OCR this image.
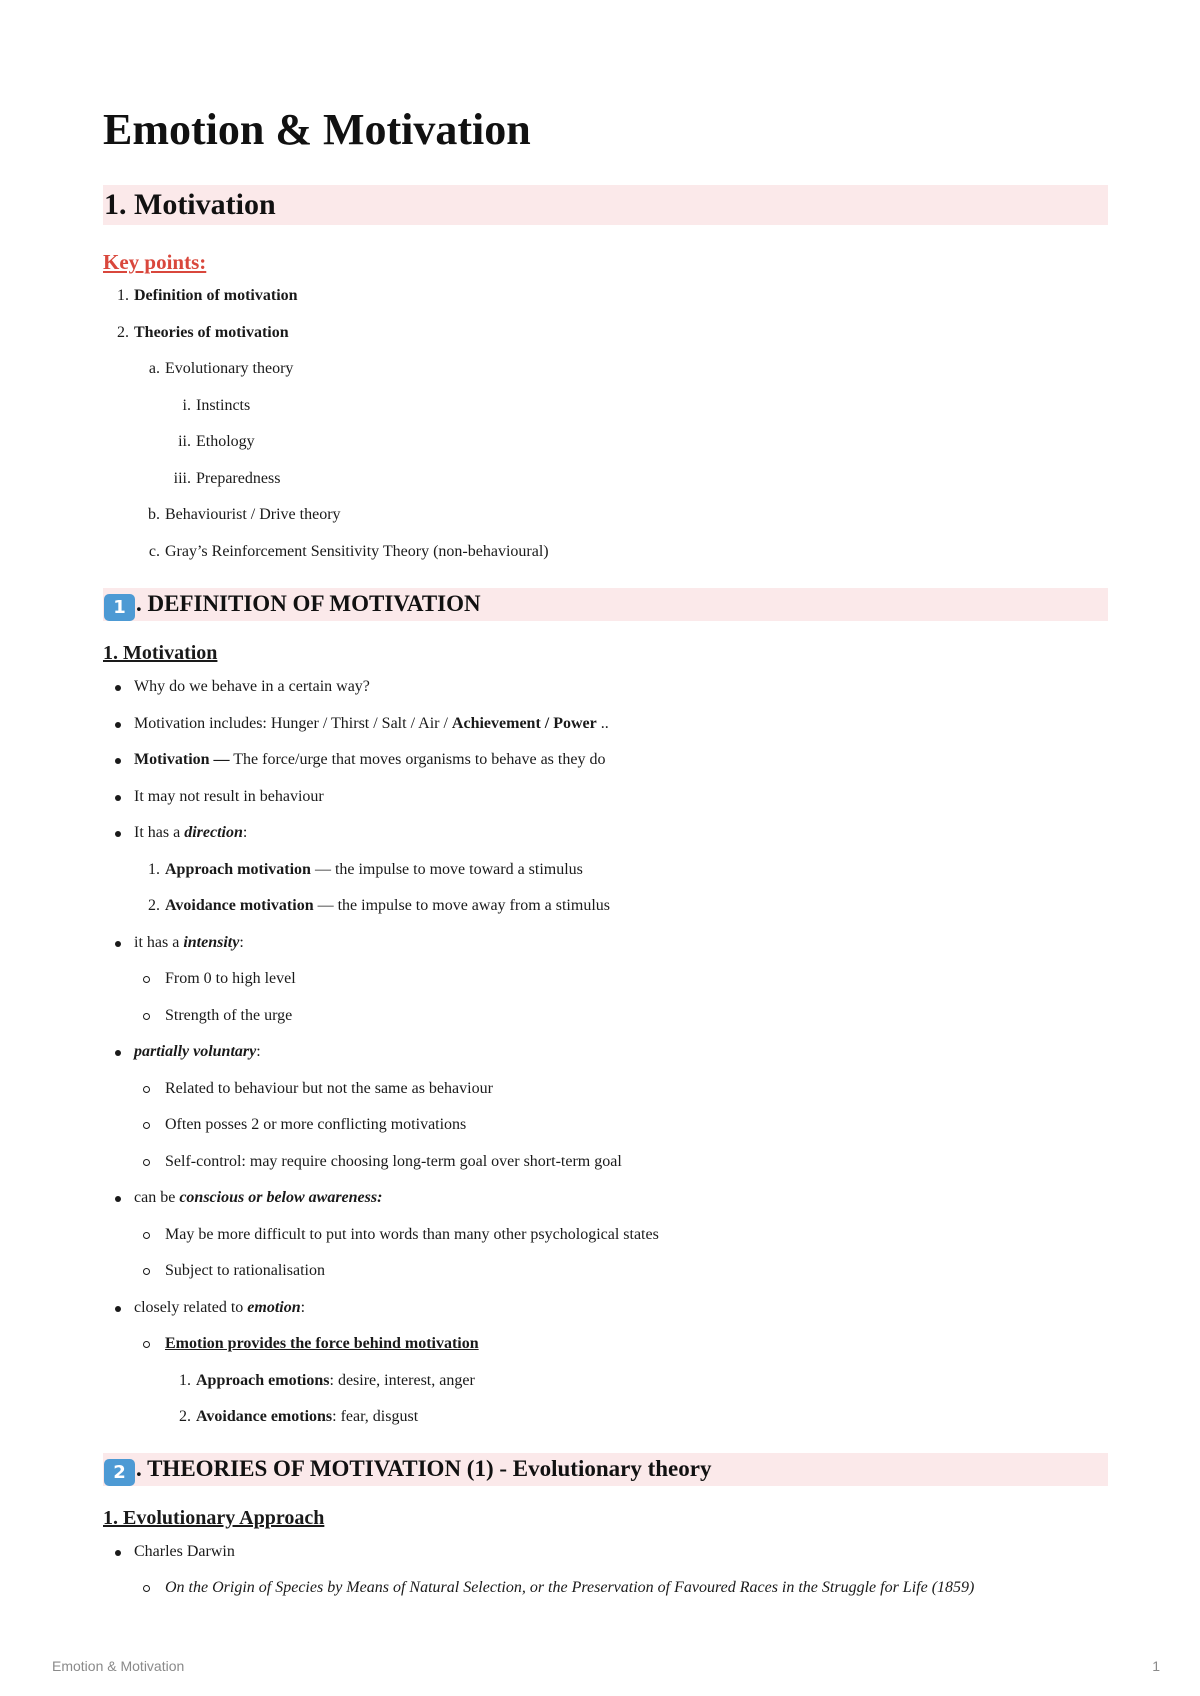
Emotion & Motivation
1. Motivation
Key points:
1. Definition of motivation
2. Theories of motivation
a. Evolutionary theory
i. Instincts
ii. Ethology
iii. Preparedness
b. Behaviourist / Drive theory
c. Gray’s Reinforcement Sensitivity Theory (non-behavioural)
1 . DEFINITION OF MOTIVATION
1. Motivation
Why do we behave in a certain way?
Motivation includes: Hunger / Thirst / Salt / Air / Achievement / Power ..
Motivation — The force/urge that moves organisms to behave as they do
It may not result in behaviour
It has a direction:
1. Approach motivation — the impulse to move toward a stimulus
2. Avoidance motivation — the impulse to move away from a stimulus
it has a intensity:
From 0 to high level
Strength of the urge
partially voluntary:
Related to behaviour but not the same as behaviour
Often posses 2 or more conflicting motivations
Self-control: may require choosing long-term goal over short-term goal
can be conscious or below awareness:
May be more difficult to put into words than many other psychological states
Subject to rationalisation
closely related to emotion:
Emotion provides the force behind motivation
1. Approach emotions: desire, interest, anger
2. Avoidance emotions: fear, disgust
2 . THEORIES OF MOTIVATION (1) - Evolutionary theory
1. Evolutionary Approach
Charles Darwin
On the Origin of Species by Means of Natural Selection, or the Preservation of Favoured Races in the Struggle for Life (1859)
Emotion & Motivation	1
